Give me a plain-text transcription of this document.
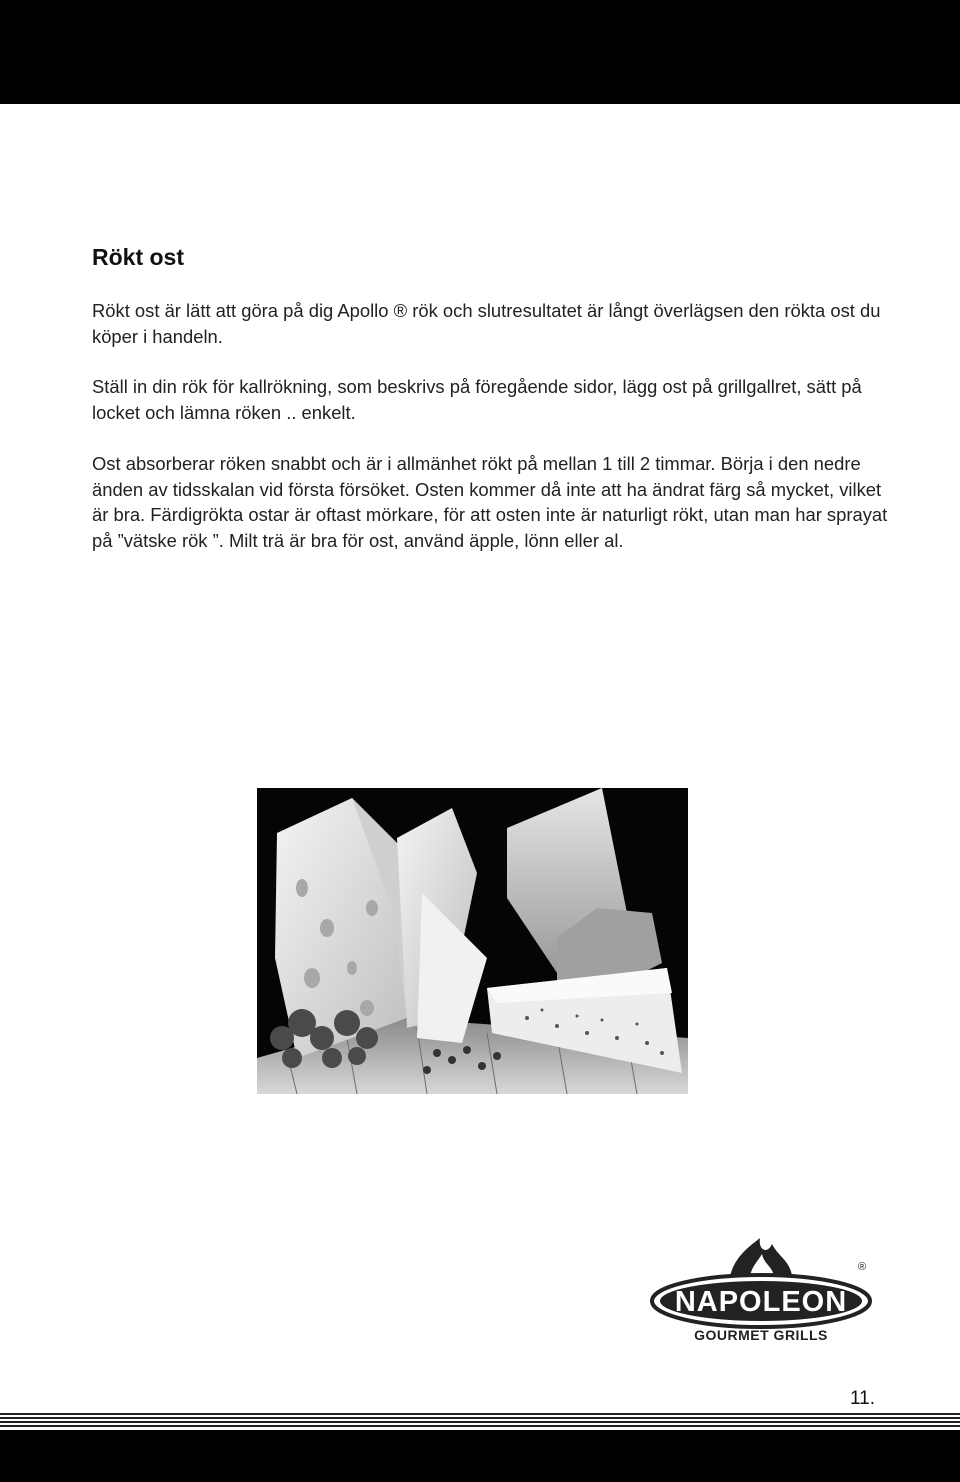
Rökt ost

Rökt ost är lätt att göra på dig Apollo ® rök och slutresultatet är långt överlägsen den rökta ost du köper i handeln.

Ställ in din rök för kallrökning, som beskrivs på föregående sidor, lägg ost på grillgallret, sätt på locket och lämna röken .. enkelt.

Ost absorberar röken snabbt och är i allmänhet rökt på mellan 1 till 2 timmar. Börja i den nedre änden av tidsskalan vid första försöket. Osten kommer då inte att ha ändrat färg så mycket, vilket är bra. Färdigrökta ostar är oftast mörkare, för att osten inte är naturligt rökt, utan man har sprayat på ”vätske rök ”. Milt trä är bra för ost, använd äpple, lönn eller al.

NAPOLEON
®
GOURMET GRILLS
11.
